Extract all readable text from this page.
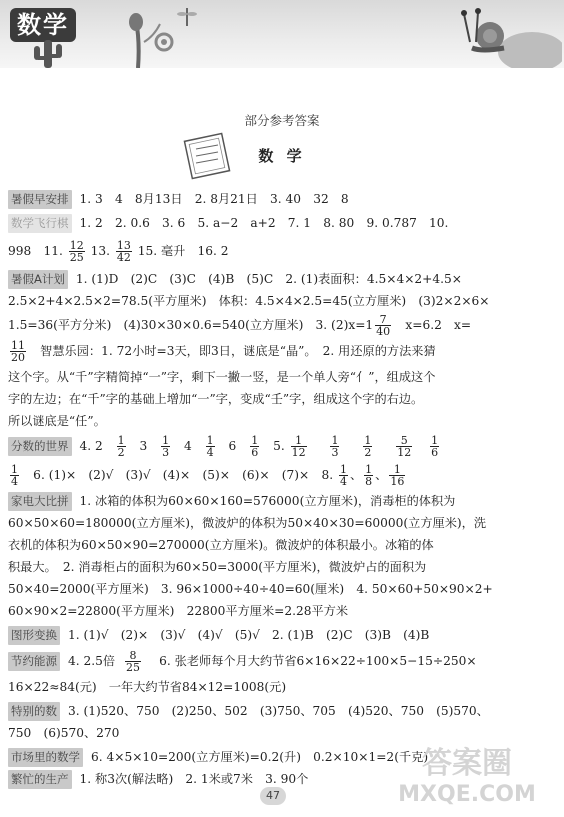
数学
部分参考答案
数 学
暑假早安排 1. 3　4　8月13日　2. 8月21日　3. 40　32　8
数学飞行棋 1. 2　2. 0.6　3. 6　5. a−2　a+2　7. 1　8. 80　9. 0.787　10.
998　11. $\frac{12}{25} 13$. $\frac{13}{42} 15$. 毫升　16. 2
暑假A计划 1. (1)D　(2)C　(3)C　(4)B　(5)C　2. (1)表面积：4.5×4×2+4.5×
2.5×2+4×2.5×2=78.5(平方厘米)　体积：4.5×4×2.5=45(立方厘米)　(3)2×2×6×
1.5=36(平方分米)　(4)30×30×0.6=540(立方厘米)　3. $(2)x=1 \frac{7}{40}$ 　x=6.2　x=
$\frac{11}{20}$ 　智慧乐园：1. 72小时=3天，即3日，谜底是“晶”。　2. 用还原的方法来猜
这个字。从“千”字精简掉“一”字，剩下一撇一竖，是一个单人旁“亻”，组成这个
字的左边；在“千”字的基础上增加“一”字，变成“壬”字，组成这个字的右边。
所以谜底是“任”。
分数的世界 4. $2 \frac{1}{2} 3 \frac{1}{3} 4 \frac{1}{4} 6 \frac{1}{6} 5$. $\frac{1}{12}$
$\frac{1}{3}$
$\frac{1}{2}$
$\frac{5}{12}$
$\frac{1}{6}$
$\frac{1}{4}$ 　6. (1)×　(2)√　(3)√　(4)×　(5)×　(6)×　(7)×　8. $\frac{1}{4}$ 、 $\frac{1}{8}$ 、 $\frac{1}{16}$
家电大比拼 1. 冰箱的体积为60×60×160=576000(立方厘米)，消毒柜的体积为
60×50×60=180000(立方厘米)，微波炉的体积为50×40×30=60000(立方厘米)，洗
衣机的体积为60×50×90=270000(立方厘米)。微波炉的体积最小。冰箱的体
积最大。　2. 消毒柜占的面积为60×50=3000(平方厘米)，微波炉占的面积为
50×40=2000(平方厘米)　3. 96×1000÷40÷40=60(厘米)　4. 50×60+50×90×2+
60×90×2=22800(平方厘米)　22800平方厘米=2.28平方米
图形变换 1. (1)√　(2)×　(3)√　(4)√　(5)√　2. (1)B　(2)C　(3)B　(4)B
节约能源 4. 2.5倍 $\frac{8}{25}$ 　6. 张老师每个月大约节省6×16×22÷100×5−15÷250×
16×22≈84(元)　一年大约节省84×12=1008(元)
特别的数 3. (1)520、750　(2)250、502　(3)750、705　(4)520、750　(5)570、
750　(6)570、270
市场里的数学 6. 4×5×10=200(立方厘米)=0.2(升)　0.2×10×1=2(千克)
繁忙的生产 1. 称3次(解法略)　2. 1米或7米　3. 90个
47
答案圈
MXQE.COM
